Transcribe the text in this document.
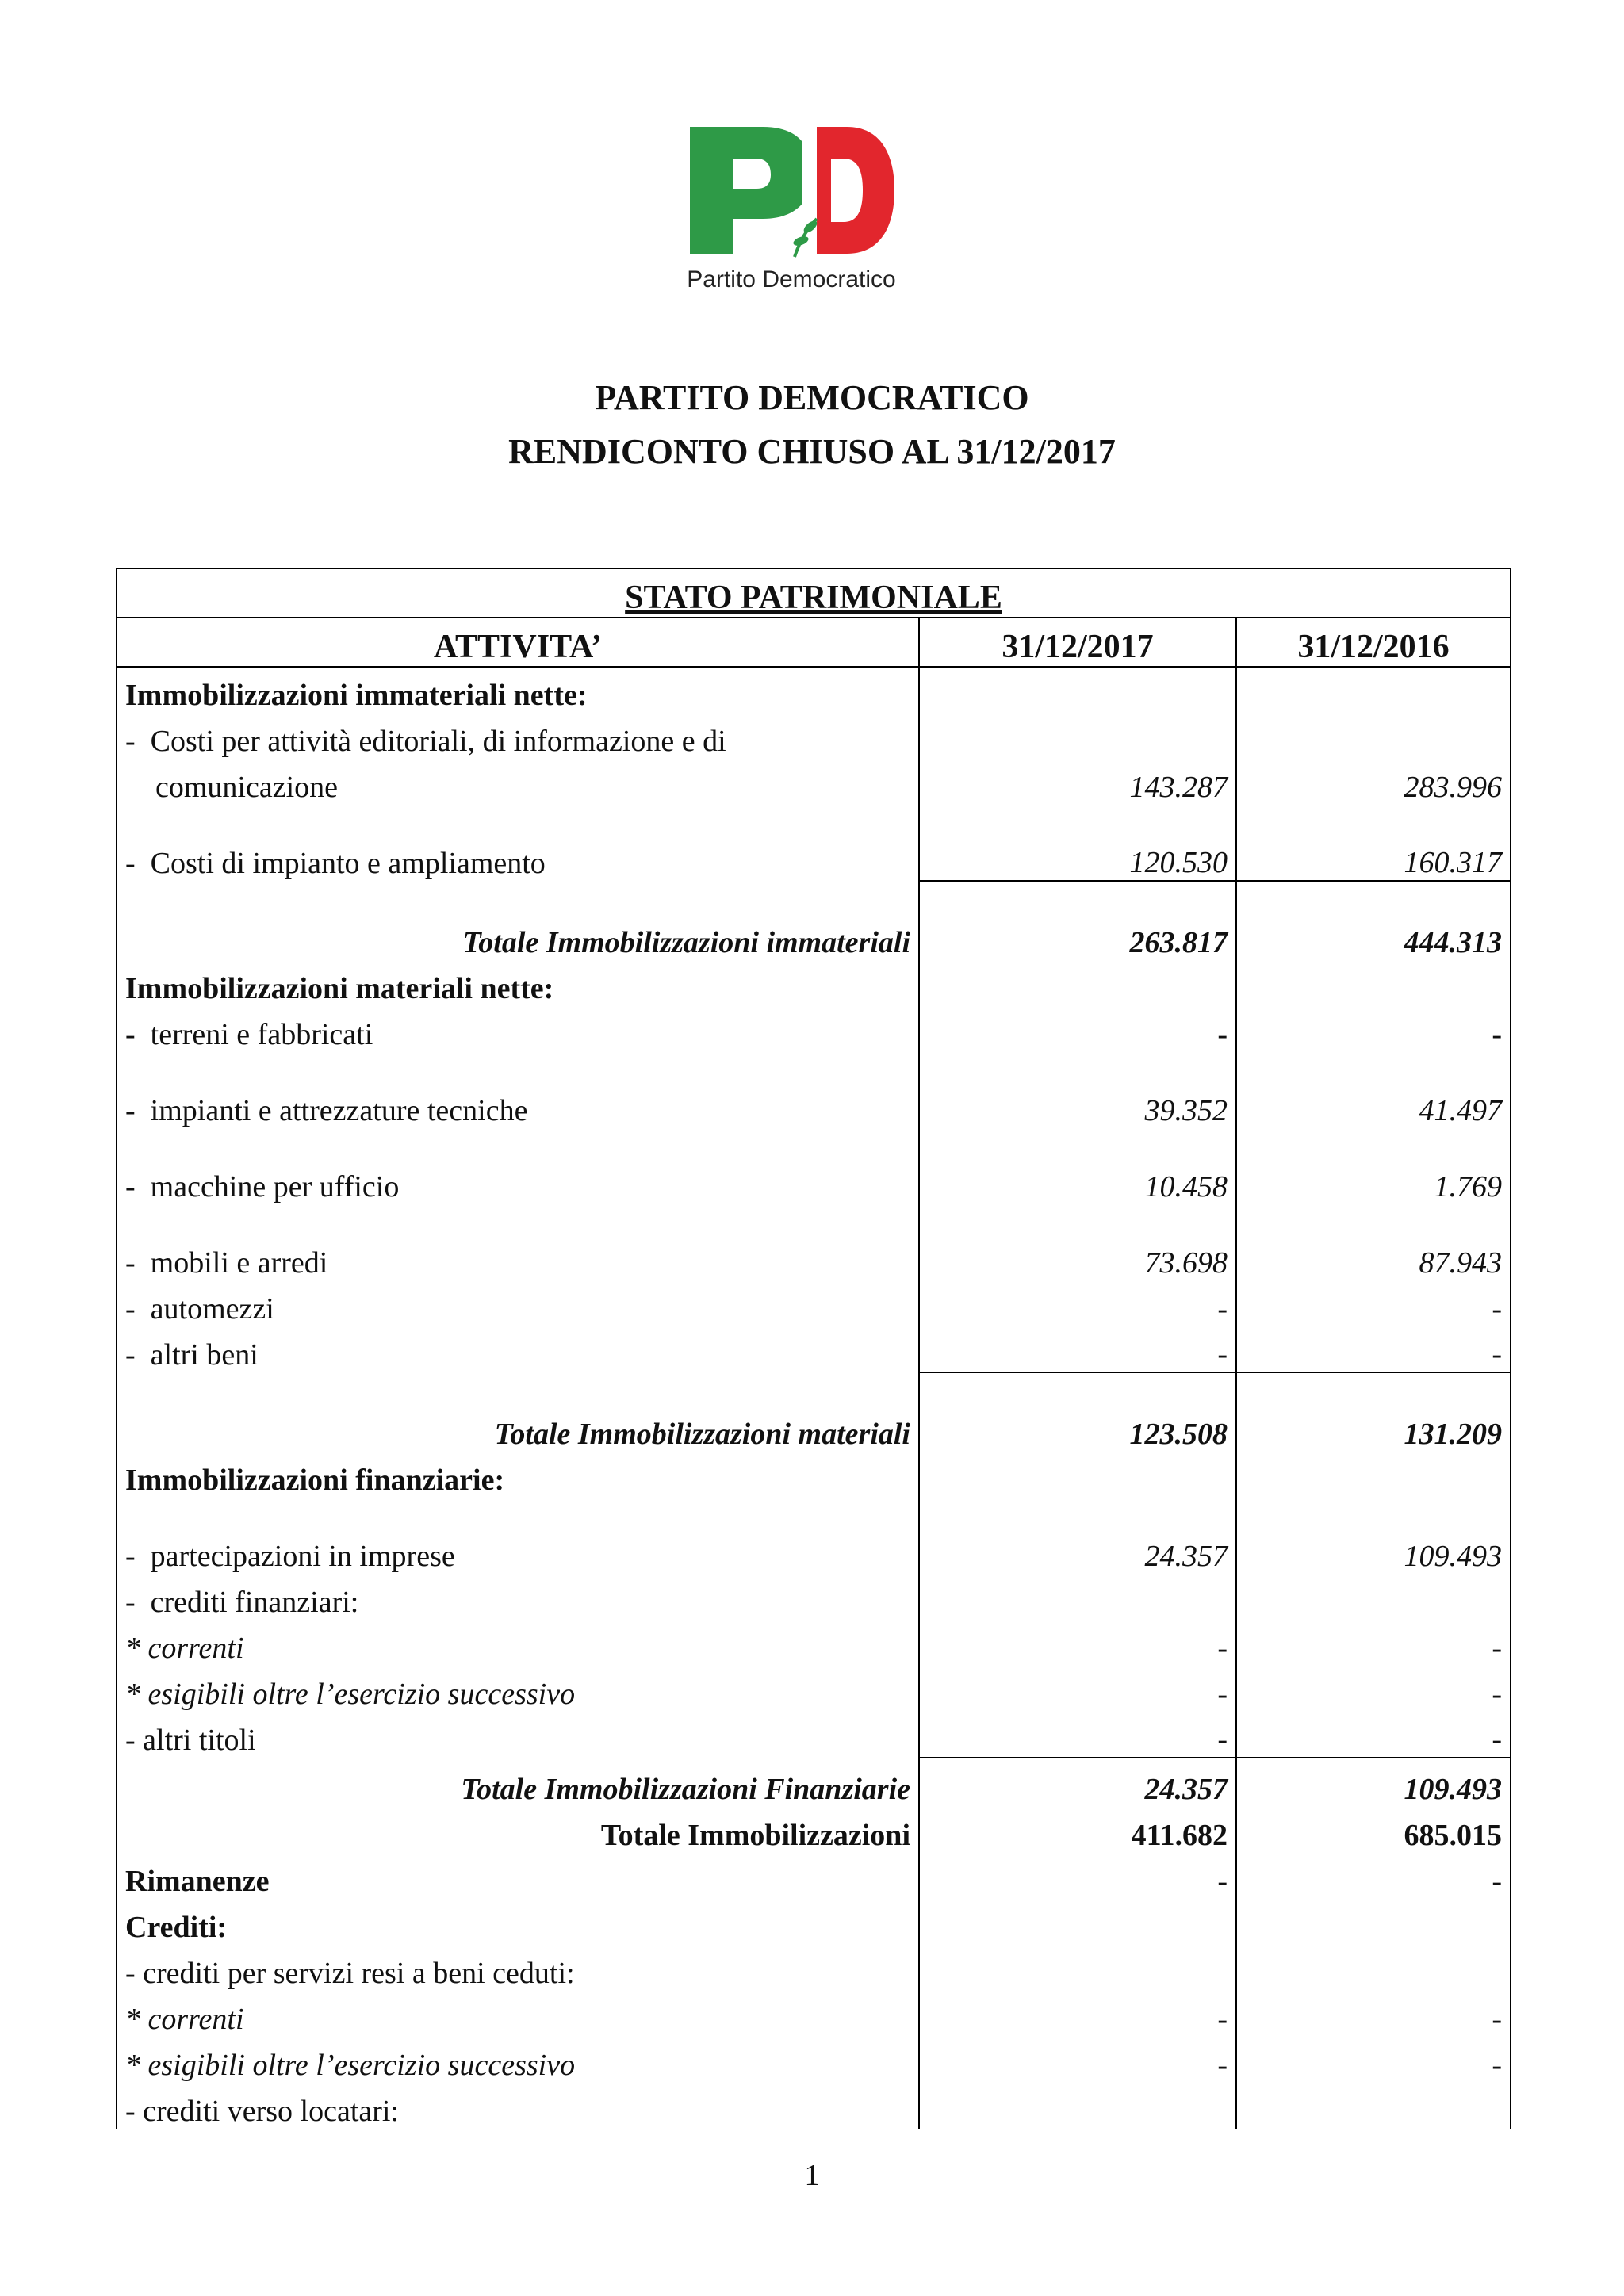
Partito Democratico
PARTITO DEMOCRATICO
RENDICONTO CHIUSO AL 31/12/2017
STATO PATRIMONIALE		
ATTIVITA’	31/12/2017	31/12/2016
Immobilizzazioni immateriali nette:		
-  Costi per attività editoriali, di informazione e di		
comunicazione	143.287	283.996

-  Costi di impianto e ampliamento	120.530	160.317

Totale Immobilizzazioni immateriali	263.817	444.313
Immobilizzazioni materiali nette:		
-  terreni e fabbricati	-	-

-  impianti e attrezzature tecniche	39.352	41.497

-  macchine per ufficio	10.458	1.769

-  mobili e arredi	73.698	87.943
-  automezzi	-	-
-  altri beni	-	-

Totale Immobilizzazioni materiali	123.508	131.209
Immobilizzazioni finanziarie:		

-  partecipazioni in imprese	24.357	109.493
-  crediti finanziari:		
* correnti	-	-
* esigibili oltre l’esercizio successivo	-	-
- altri titoli	-	-
Totale Immobilizzazioni Finanziarie	24.357	109.493
Totale Immobilizzazioni	411.682	685.015
Rimanenze	-	-
Crediti:		
- crediti per servizi resi a beni ceduti:		
* correnti	-	-
* esigibili oltre l’esercizio successivo	-	-
- crediti verso locatari:		
1
